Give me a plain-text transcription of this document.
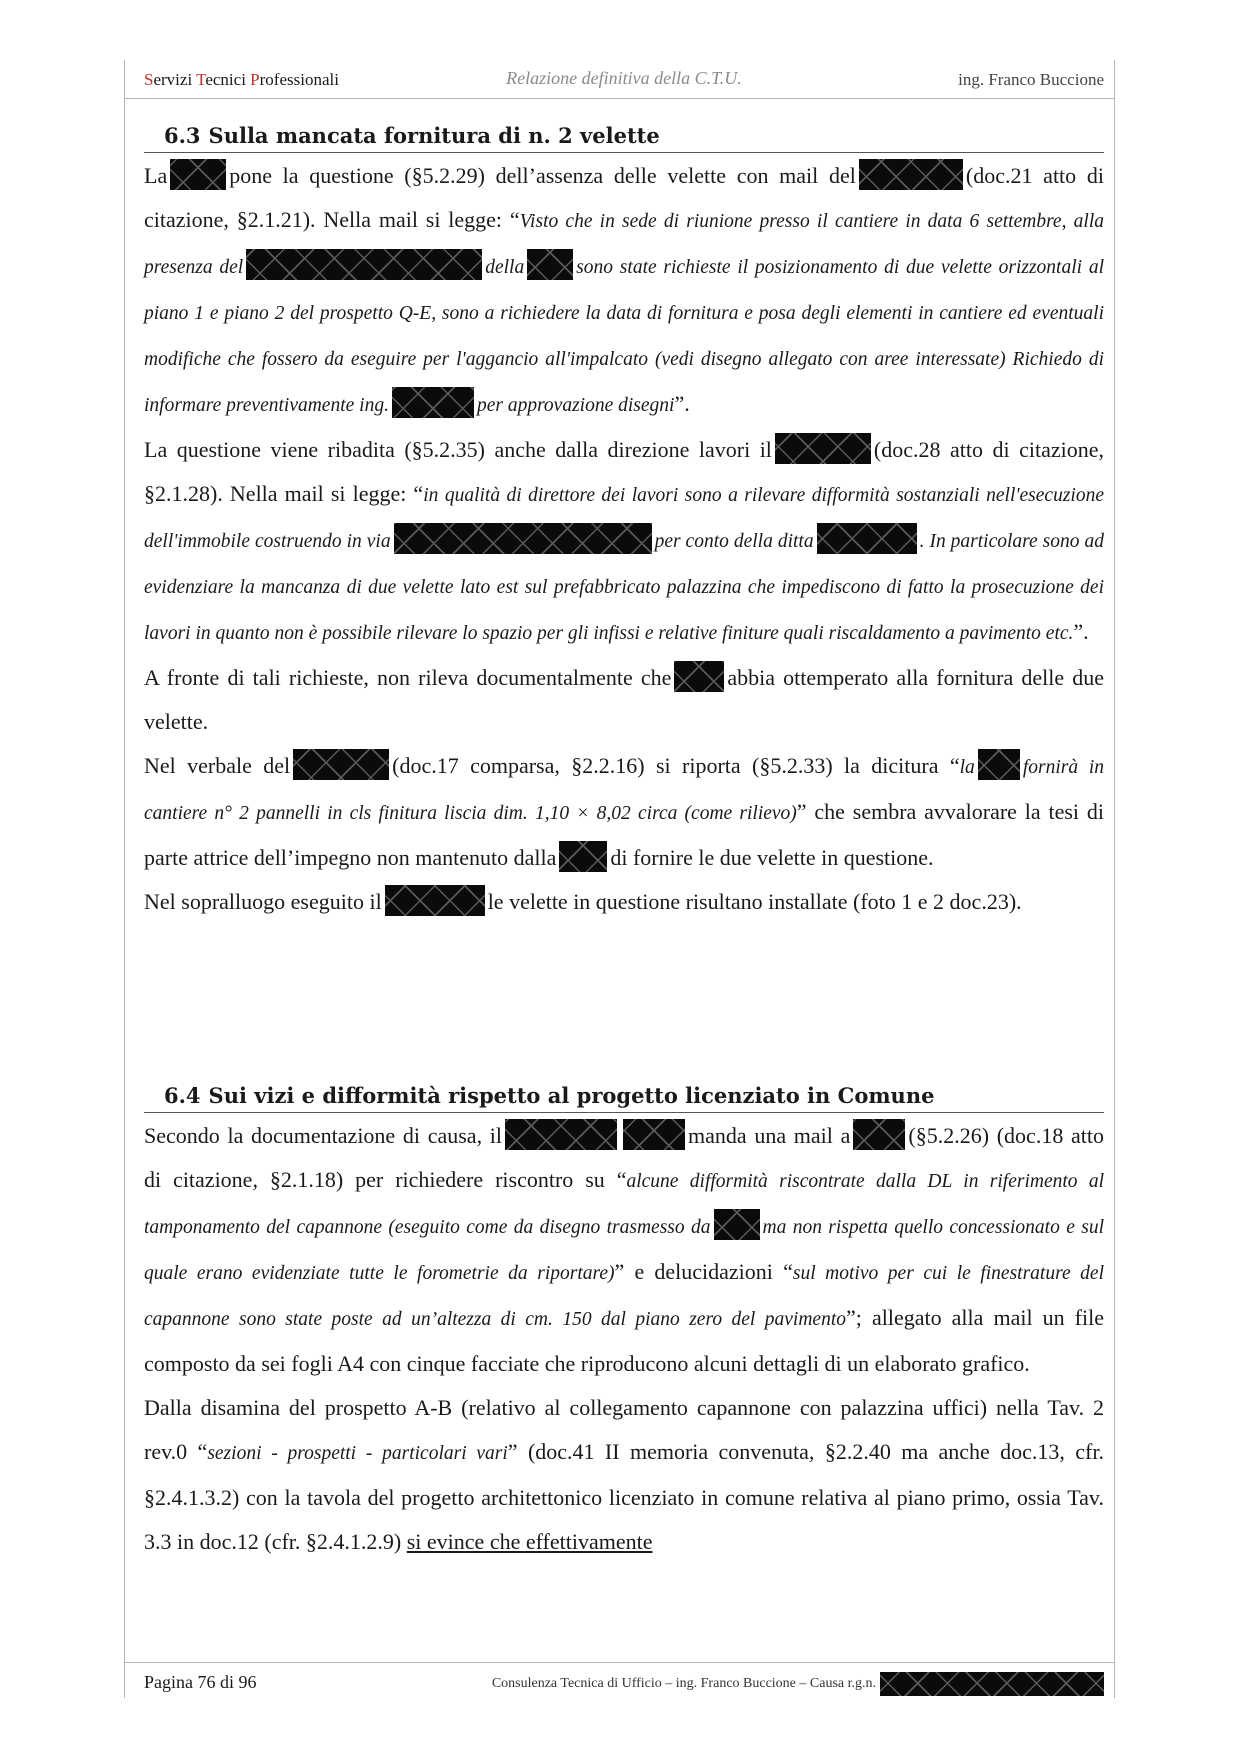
Servizi Tecnici Professionali	Relazione definitiva della C.T.U.	ing. Franco Buccione
6.3 Sulla mancata fornitura di n. 2 velette

La	pone la questione (§5.2.29) dell’assenza delle velette con mail del	(doc.21 atto di citazione, §2.1.21). Nella mail si legge: “Visto che in sede di riunione presso il cantiere in data 6 settembre, alla presenza del	della	sono state richieste il posizionamento di due velette orizzontali al piano 1 e piano 2 del prospetto Q-E, sono a richiedere la data di fornitura e posa degli elementi in cantiere ed eventuali modifiche che fossero da eseguire per l'aggancio all'impalcato (vedi disegno allegato con aree interessate) Richiedo di informare preventivamente ing.	per approvazione disegni”.

La questione viene ribadita (§5.2.35) anche dalla direzione lavori il	(doc.28 atto di citazione, §2.1.28). Nella mail si legge: “in qualità di direttore dei lavori sono a rilevare difformità sostanziali nell'esecuzione dell'immobile costruendo in via	per conto della ditta	. In particolare sono ad evidenziare la mancanza di due velette lato est sul prefabbricato palazzina che impediscono di fatto la prosecuzione dei lavori in quanto non è possibile rilevare lo spazio per gli infissi e relative finiture quali riscaldamento a pavimento etc.”.

A fronte di tali richieste, non rileva documentalmente che	abbia ottemperato alla fornitura delle due velette.

Nel verbale del	(doc.17 comparsa, §2.2.16) si riporta (§5.2.33) la dicitura “la fornirà in cantiere n° 2 pannelli in cls finitura liscia dim. 1,10 × 8,02 circa (come rilievo)” che sembra avvalorare la tesi di parte attrice dell’impegno non mantenuto dalla di fornire le due velette in questione.

Nel sopralluogo eseguito il	le velette in questione risultano installate (foto 1 e 2 doc.23).

6.4 Sui vizi e difformità rispetto al progetto licenziato in Comune

Secondo la documentazione di causa, il	manda una mail a	(§5.2.26) (doc.18 atto di citazione, §2.1.18) per richiedere riscontro su “alcune difformità riscontrate dalla DL in riferimento al tamponamento del capannone (eseguito come da disegno trasmesso da	ma non rispetta quello concessionato e sul quale erano evidenziate tutte le forometrie da riportare)” e delucidazioni “sul motivo per cui le finestrature del capannone sono state poste ad un’altezza di cm. 150 dal piano zero del pavimento”; allegato alla mail un file composto da sei fogli A4 con cinque facciate che riproducono alcuni dettagli di un elaborato grafico.

Dalla disamina del prospetto A-B (relativo al collegamento capannone con palazzina uffici) nella Tav. 2 rev.0 “sezioni - prospetti - particolari vari” (doc.41 II memoria convenuta, §2.2.40 ma anche doc.13, cfr. §2.4.1.3.2) con la tavola del progetto architettonico licenziato in comune relativa al piano primo, ossia Tav. 3.3 in doc.12 (cfr. §2.4.1.2.9) si evince che effettivamente

Pagina 76 di 96	Consulenza Tecnica di Ufficio – ing. Franco Buccione – Causa r.g.n.
